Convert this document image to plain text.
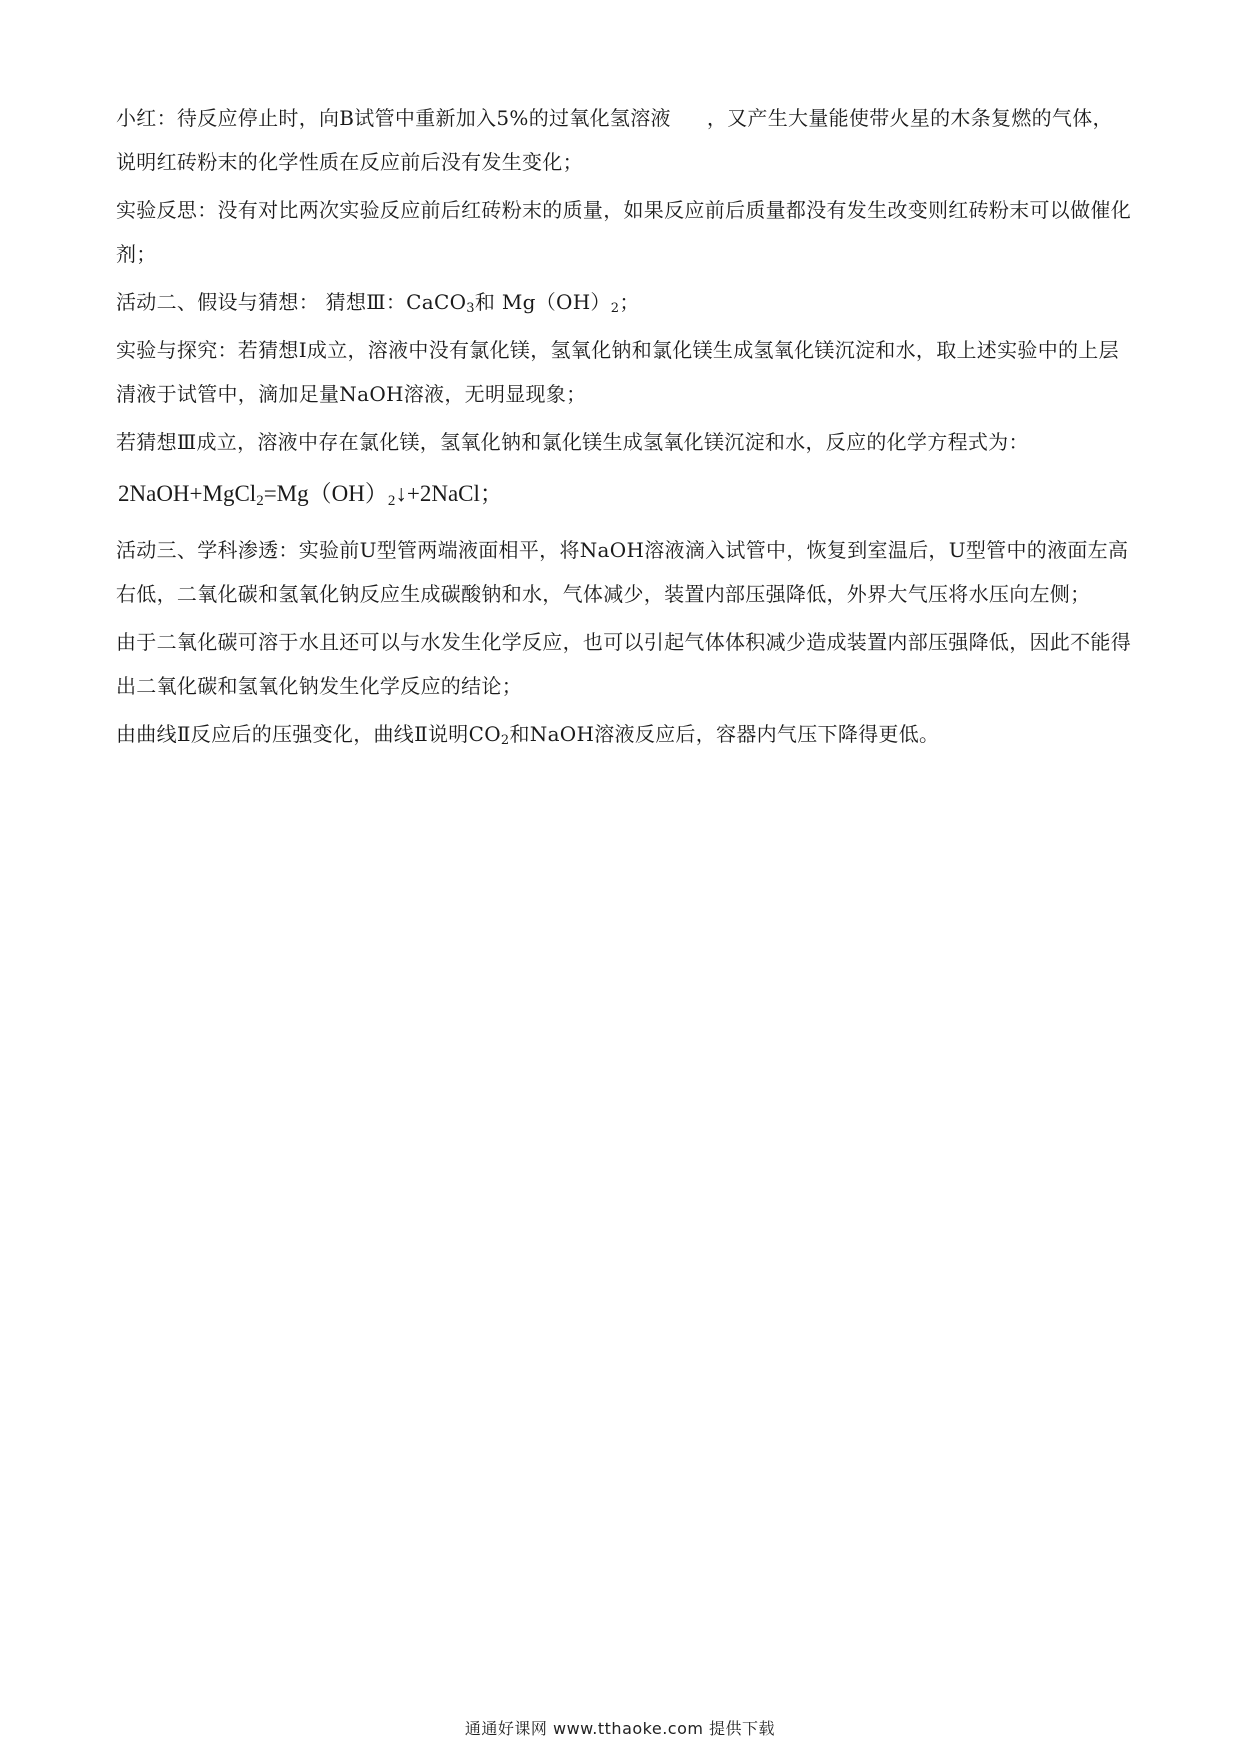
小红：待反应停止时，向B试管中重新加入5%的过氧化氢溶液 ，又产生大量能使带火星的木条复燃的气体，说明红砖粉末的化学性质在反应前后没有发生变化；

实验反思：没有对比两次实验反应前后红砖粉末的质量，如果反应前后质量都没有发生改变则红砖粉末可以做催化剂；

活动二、假设与猜想： 猜想Ⅲ：CaCO$_3$和 $Mg(OH)_2$；

实验与探究：若猜想Ⅰ成立，溶液中没有氯化镁，氢氧化钠和氯化镁生成氢氧化镁沉淀和水，取上述实验中的上层清液于试管中，滴加足量NaOH溶液，无明显现象；

若猜想Ⅲ成立，溶液中存在氯化镁，氢氧化钠和氯化镁生成氢氧化镁沉淀和水，反应的化学方程式为：

$2NaOH+MgCl_2=Mg(OH)_2↓+2NaCl$；

活动三、学科渗透：实验前U型管两端液面相平，将NaOH溶液滴入试管中，恢复到室温后，U型管中的液面左高右低，二氧化碳和氢氧化钠反应生成碳酸钠和水，气体减少，装置内部压强降低，外界大气压将水压向左侧；

由于二氧化碳可溶于水且还可以与水发生化学反应，也可以引起气体体积减少造成装置内部压强降低，因此不能得出二氧化碳和氢氧化钠发生化学反应的结论；

由曲线Ⅱ反应后的压强变化，曲线Ⅱ说明$CO_2$和NaOH溶液反应后，容器内气压下降得更低。

通通好课网 www.tthaoke.com 提供下载
